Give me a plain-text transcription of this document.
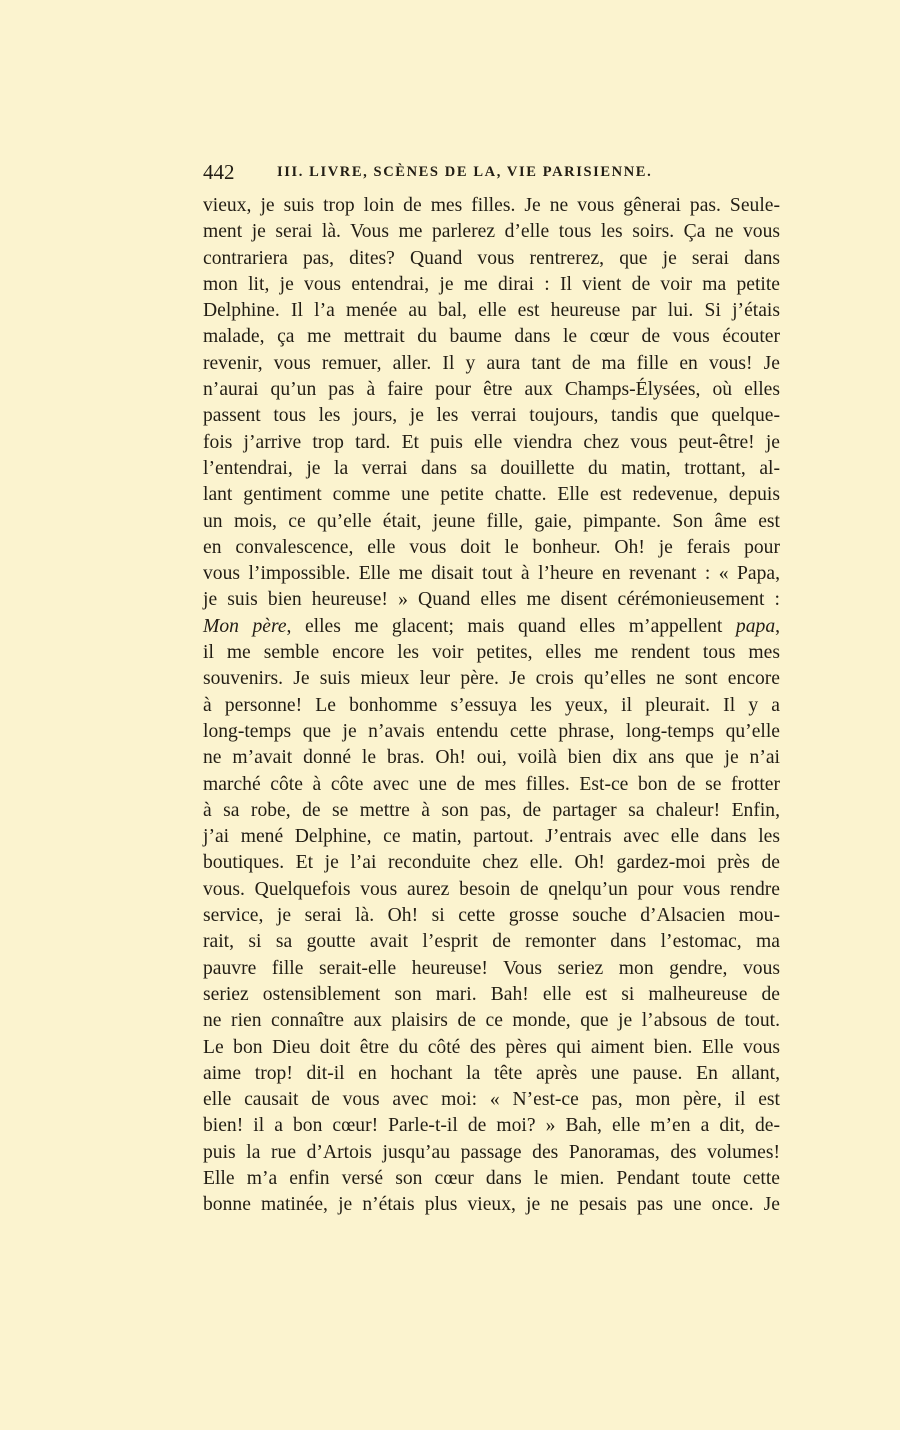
442	III. LIVRE, SCÈNES DE LA, VIE PARISIENNE.
vieux, je suis trop loin de mes filles. Je ne vous gênerai pas. Seule-
ment je serai là. Vous me parlerez d’elle tous les soirs. Ça ne vous
contrariera pas, dites? Quand vous rentrerez, que je serai dans
mon lit, je vous entendrai, je me dirai : Il vient de voir ma petite
Delphine. Il l’a menée au bal, elle est heureuse par lui. Si j’étais
malade, ça me mettrait du baume dans le cœur de vous écouter
revenir, vous remuer, aller. Il y aura tant de ma fille en vous! Je
n’aurai qu’un pas à faire pour être aux Champs-Élysées, où elles
passent tous les jours, je les verrai toujours, tandis que quelque-
fois j’arrive trop tard. Et puis elle viendra chez vous peut-être! je
l’entendrai, je la verrai dans sa douillette du matin, trottant, al-
lant gentiment comme une petite chatte. Elle est redevenue, depuis
un mois, ce qu’elle était, jeune fille, gaie, pimpante. Son âme est
en convalescence, elle vous doit le bonheur. Oh! je ferais pour
vous l’impossible. Elle me disait tout à l’heure en revenant : « Papa,
je suis bien heureuse! » Quand elles me disent cérémonieusement :
Mon père, elles me glacent; mais quand elles m’appellent papa,
il me semble encore les voir petites, elles me rendent tous mes
souvenirs. Je suis mieux leur père. Je crois qu’elles ne sont encore
à personne! Le bonhomme s’essuya les yeux, il pleurait. Il y a
long-temps que je n’avais entendu cette phrase, long-temps qu’elle
ne m’avait donné le bras. Oh! oui, voilà bien dix ans que je n’ai
marché côte à côte avec une de mes filles. Est-ce bon de se frotter
à sa robe, de se mettre à son pas, de partager sa chaleur! Enfin,
j’ai mené Delphine, ce matin, partout. J’entrais avec elle dans les
boutiques. Et je l’ai reconduite chez elle. Oh! gardez-moi près de
vous. Quelquefois vous aurez besoin de qnelqu’un pour vous rendre
service, je serai là. Oh! si cette grosse souche d’Alsacien mou-
rait, si sa goutte avait l’esprit de remonter dans l’estomac, ma
pauvre fille serait-elle heureuse! Vous seriez mon gendre, vous
seriez ostensiblement son mari. Bah! elle est si malheureuse de
ne rien connaître aux plaisirs de ce monde, que je l’absous de tout.
Le bon Dieu doit être du côté des pères qui aiment bien. Elle vous
aime trop! dit-il en hochant la tête après une pause. En allant,
elle causait de vous avec moi: « N’est-ce pas, mon père, il est
bien! il a bon cœur! Parle-t-il de moi? » Bah, elle m’en a dit, de-
puis la rue d’Artois jusqu’au passage des Panoramas, des volumes!
Elle m’a enfin versé son cœur dans le mien. Pendant toute cette
bonne matinée, je n’étais plus vieux, je ne pesais pas une once. Je
